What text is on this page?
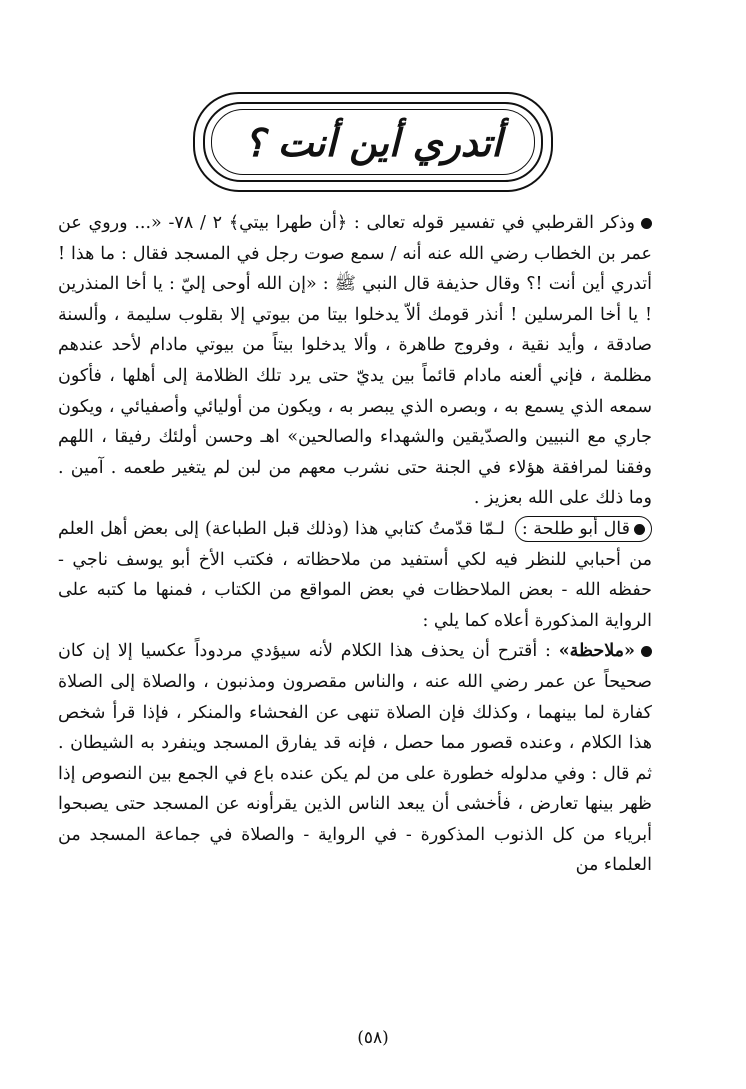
أتدري أين أنت ؟

وذكر القرطبي في تفسير قوله تعالى : ﴿أن طهرا بيتي﴾ ٢ / ٧٨- «... وروي عن عمر بن الخطاب رضي الله عنه أنه / سمع صوت رجل في المسجد فقال : ما هذا ! أتدري أين أنت !؟ وقال حذيفة قال النبي ﷺ : «إن الله أوحى إليّ : يا أخا المنذرين ! يا أخا المرسلين ! أنذر قومك ألاّ يدخلوا بيتا من بيوتي إلا بقلوب سليمة ، وألسنة صادقة ، وأيد نقية ، وفروج طاهرة ، وألا يدخلوا بيتاً من بيوتي مادام لأحد عندهم مظلمة ، فإني ألعنه مادام قائماً بين يديّ حتى يرد تلك الظلامة إلى أهلها ، فأكون سمعه الذي يسمع به ، وبصره الذي يبصر به ، ويكون من أوليائي وأصفيائي ، ويكون جاري مع النبيين والصدّيقين والشهداء والصالحين» اهـ وحسن أولئك رفيقا ، اللهم وفقنا لمرافقة هؤلاء في الجنة حتى نشرب معهم من لبن لم يتغير طعمه . آمين . وما ذلك على الله بعزيز .

قال أبو طلحة : لـمّا قدّمتُ كتابي هذا (وذلك قبل الطباعة) إلى بعض أهل العلم من أحبابي للنظر فيه لكي أستفيد من ملاحظاته ، فكتب الأخ أبو يوسف ناجي - حفظه الله - بعض الملاحظات في بعض المواقع من الكتاب ، فمنها ما كتبه على الرواية المذكورة أعلاه كما يلي :

«ملاحظة» : أقترح أن يحذف هذا الكلام لأنه سيؤدي مردوداً عكسيا إلا إن كان صحيحاً عن عمر رضي الله عنه ، والناس مقصرون ومذنبون ، والصلاة إلى الصلاة كفارة لما بينهما ، وكذلك فإن الصلاة تنهى عن الفحشاء والمنكر ، فإذا قرأ شخص هذا الكلام ، وعنده قصور مما حصل ، فإنه قد يفارق المسجد وينفرد به الشيطان . ثم قال : وفي مدلوله خطورة على من لم يكن عنده باع في الجمع بين النصوص إذا ظهر بينها تعارض ، فأخشى أن يبعد الناس الذين يقرأونه عن المسجد حتى يصبحوا أبرياء من كل الذنوب المذكورة - في الرواية - والصلاة في جماعة المسجد من العلماء من

(٥٨)
